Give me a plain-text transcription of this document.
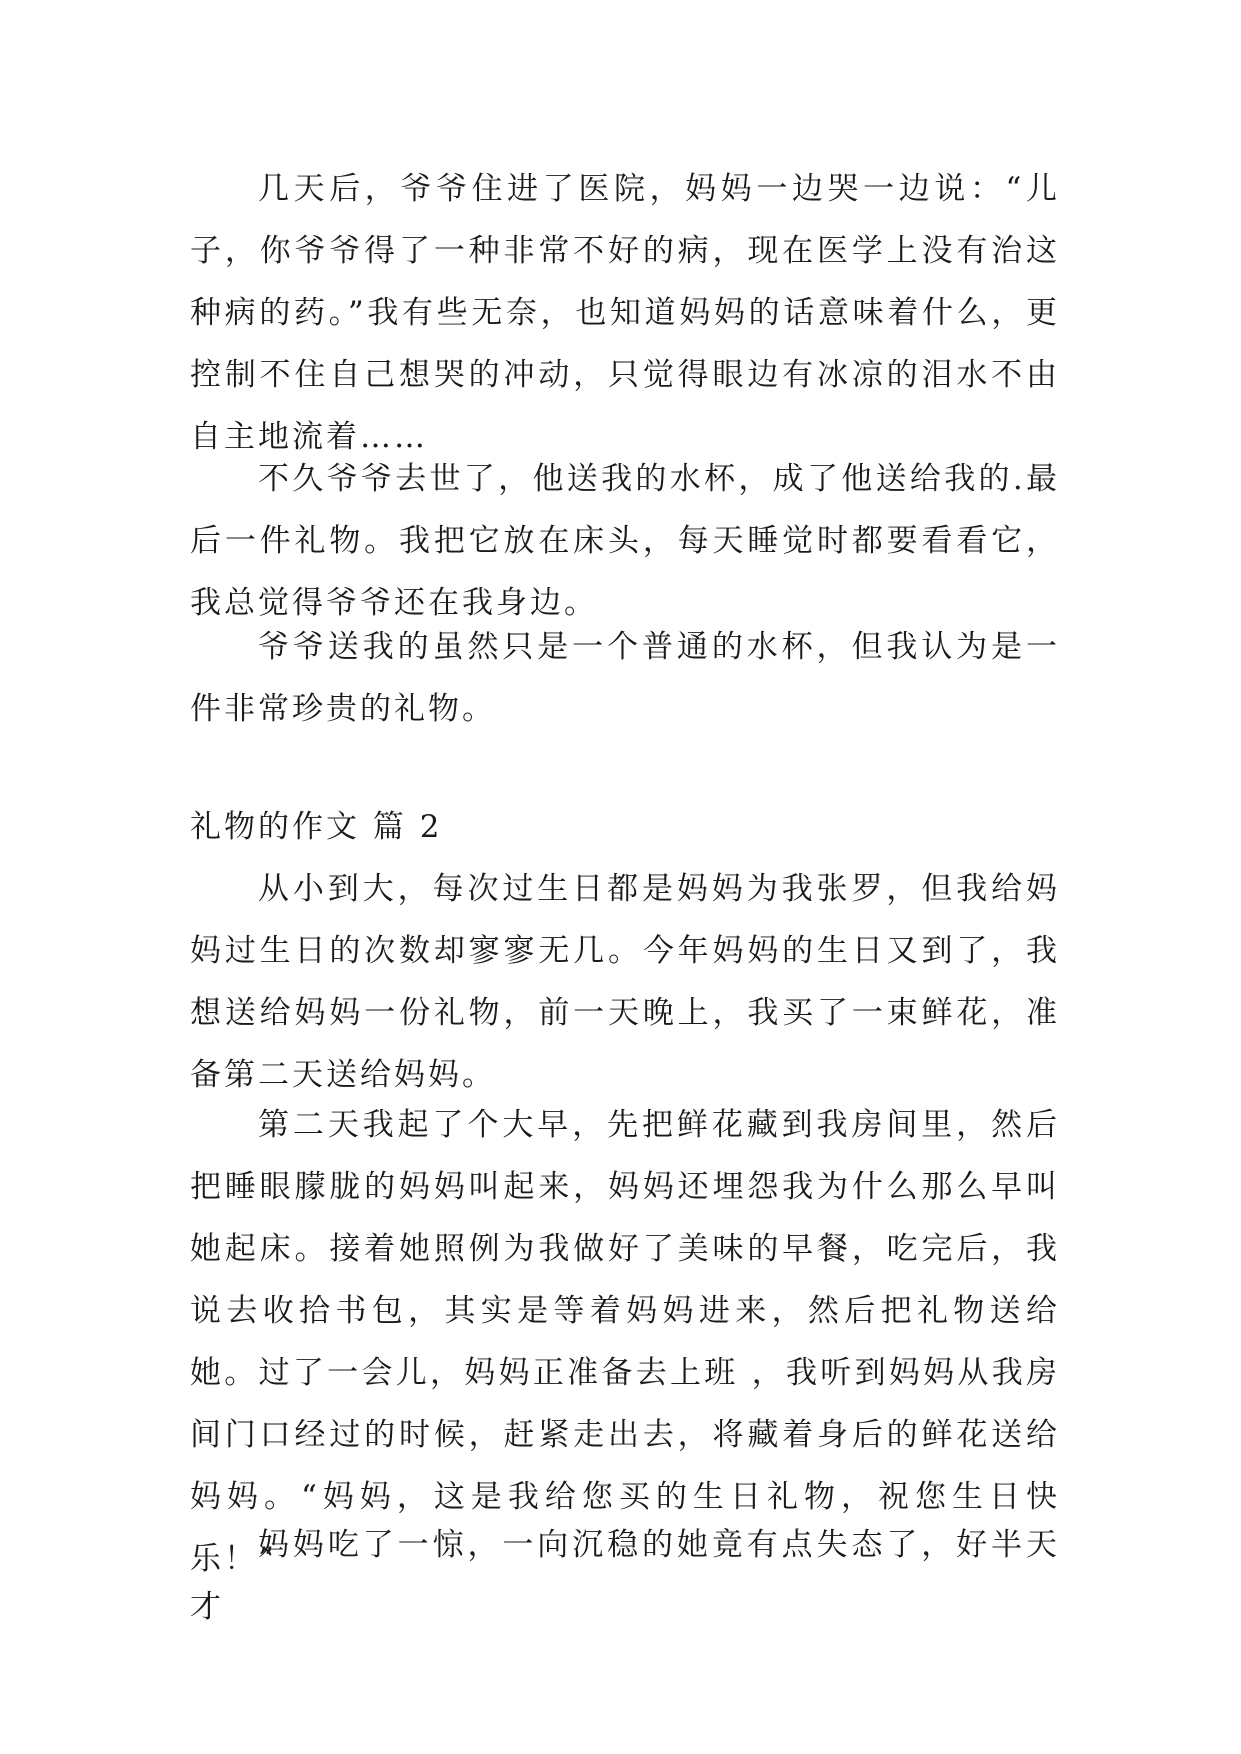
几天后，爷爷住进了医院，妈妈一边哭一边说：“儿子，你爷爷得了一种非常不好的病，现在医学上没有治这种病的药。”我有些无奈，也知道妈妈的话意味着什么，更控制不住自己想哭的冲动，只觉得眼边有冰凉的泪水不由自主地流着……

不久爷爷去世了，他送我的水杯，成了他送给我的.最后一件礼物。我把它放在床头，每天睡觉时都要看看它，我总觉得爷爷还在我身边。

爷爷送我的虽然只是一个普通的水杯，但我认为是一件非常珍贵的礼物。

礼物的作文 篇 2

从小到大，每次过生日都是妈妈为我张罗，但我给妈妈过生日的次数却寥寥无几。今年妈妈的生日又到了，我想送给妈妈一份礼物，前一天晚上，我买了一束鲜花，准备第二天送给妈妈。

第二天我起了个大早，先把鲜花藏到我房间里，然后把睡眼朦胧的妈妈叫起来，妈妈还埋怨我为什么那么早叫她起床。接着她照例为我做好了美味的早餐，吃完后，我说去收拾书包，其实是等着妈妈进来，然后把礼物送给她。过了一会儿，妈妈正准备去上班 ，我听到妈妈从我房间门口经过的时候，赶紧走出去，将藏着身后的鲜花送给妈妈。“妈妈，这是我给您买的生日礼物，祝您生日快乐！”

妈妈吃了一惊，一向沉稳的她竟有点失态了，好半天才
